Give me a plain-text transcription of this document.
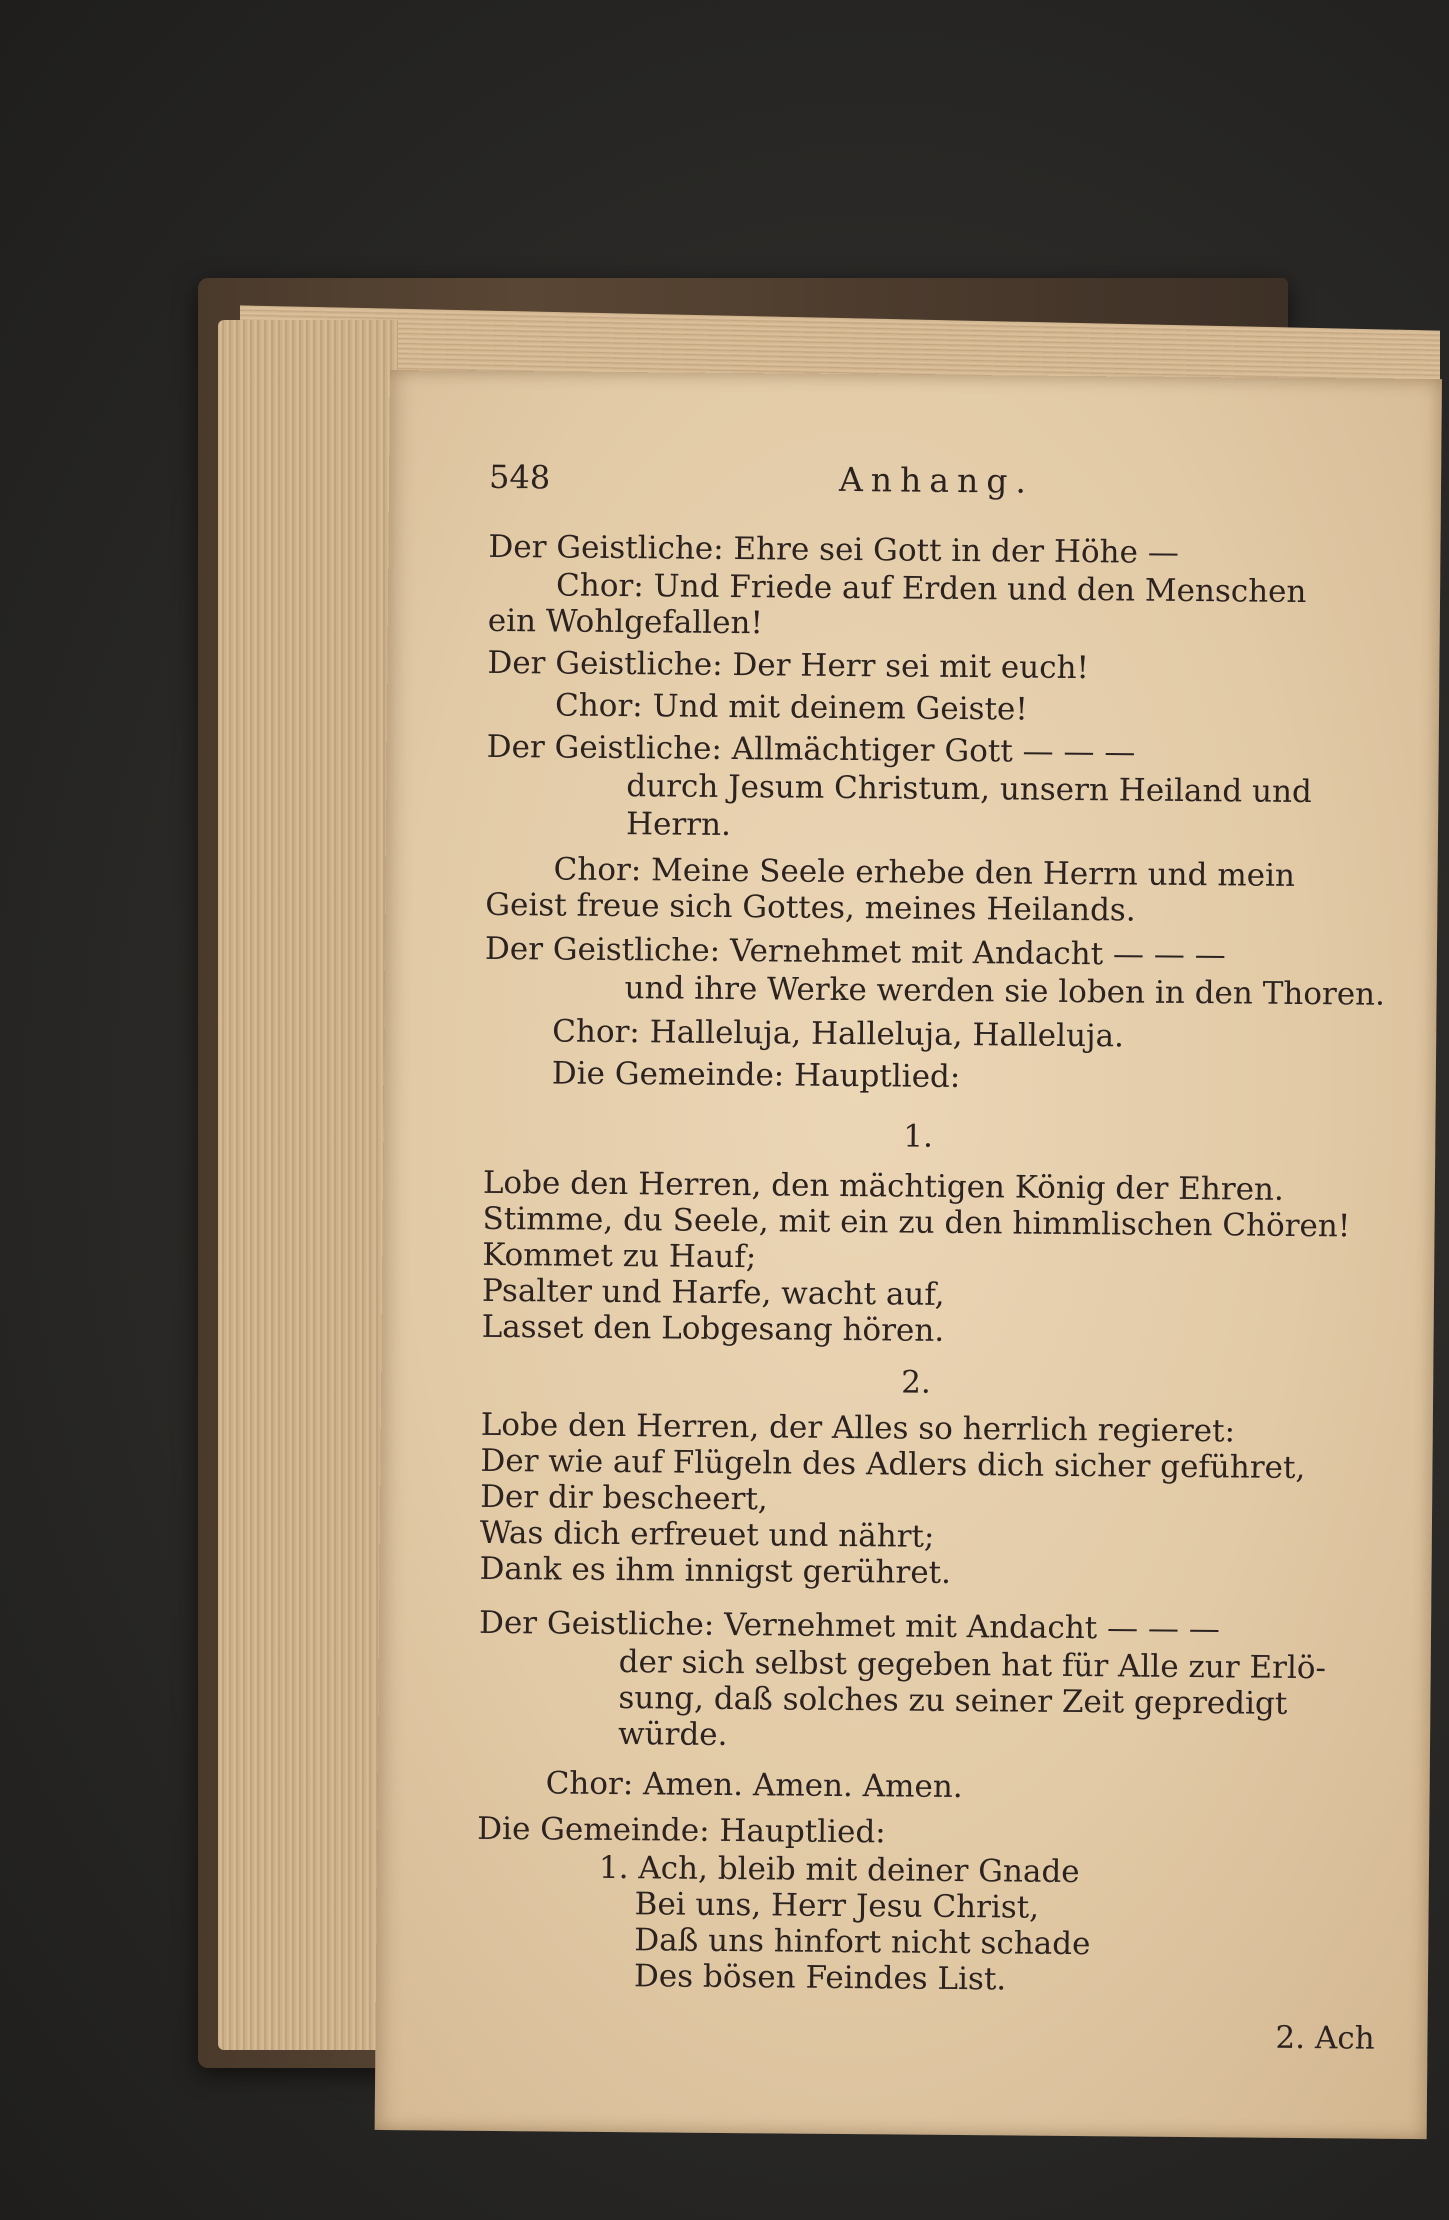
548	Anhang.
Der Geistliche: Ehre sei Gott in der Höhe —
Chor: Und Friede auf Erden und den Menschen
ein Wohlgefallen!
Der Geistliche: Der Herr sei mit euch!
Chor: Und mit deinem Geiste!
Der Geistliche: Allmächtiger Gott — — —
durch Jesum Christum, unsern Heiland und
Herrn.
Chor: Meine Seele erhebe den Herrn und mein
Geist freue sich Gottes, meines Heilands.
Der Geistliche: Vernehmet mit Andacht — — —
und ihre Werke werden sie loben in den Thoren.
Chor: Halleluja, Halleluja, Halleluja.
Die Gemeinde: Hauptlied:
1.
Lobe den Herren, den mächtigen König der Ehren.
Stimme, du Seele, mit ein zu den himmlischen Chören!
Kommet zu Hauf;
Psalter und Harfe, wacht auf,
Lasset den Lobgesang hören.
2.
Lobe den Herren, der Alles so herrlich regieret:
Der wie auf Flügeln des Adlers dich sicher geführet,
Der dir bescheert,
Was dich erfreuet und nährt;
Dank es ihm innigst gerühret.
Der Geistliche: Vernehmet mit Andacht — — —
der sich selbst gegeben hat für Alle zur Erlö-
sung, daß solches zu seiner Zeit gepredigt
würde.
Chor: Amen. Amen. Amen.
Die Gemeinde: Hauptlied:
1. Ach, bleib mit deiner Gnade
Bei uns, Herr Jesu Christ,
Daß uns hinfort nicht schade
Des bösen Feindes List.
2. Ach
